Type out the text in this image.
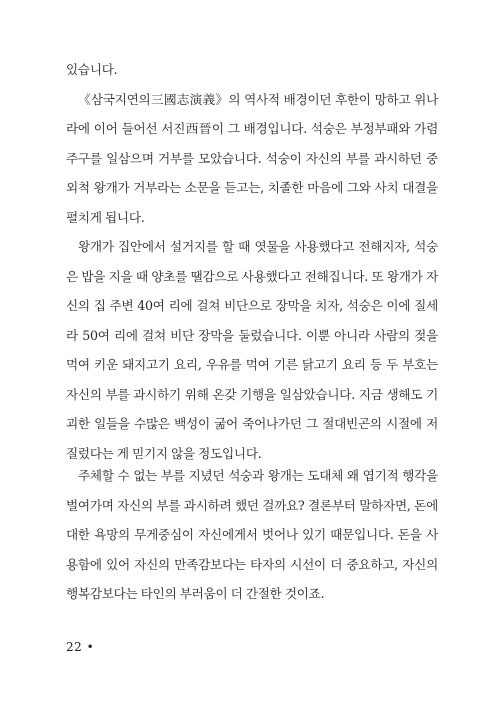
있습니다.

《삼국지연의三國志演義》의 역사적 배경이던 후한이 망하고 위나라에 이어 들어선 서진西晉이 그 배경입니다. 석숭은 부정부패와 가렴주구를 일삼으며 거부를 모았습니다. 석숭이 자신의 부를 과시하던 중 외척 왕개가 거부라는 소문을 듣고는, 치졸한 마음에 그와 사치 대결을 펼치게 됩니다.

왕개가 집안에서 설거지를 할 때 엿물을 사용했다고 전해지자, 석숭은 밥을 지을 때 양초를 땔감으로 사용했다고 전해집니다. 또 왕개가 자신의 집 주변 40여 리에 걸쳐 비단으로 장막을 치자, 석숭은 이에 질세라 50여 리에 걸쳐 비단 장막을 둘렀습니다. 이뿐 아니라 사람의 젖을 먹여 키운 돼지고기 요리, 우유를 먹여 기른 닭고기 요리 등 두 부호는 자신의 부를 과시하기 위해 온갖 기행을 일삼았습니다. 지금 생해도 기괴한 일들을 수많은 백성이 굶어 죽어나가던 그 절대빈곤의 시절에 저질렀다는 게 믿기지 않을 정도입니다.

주체할 수 없는 부를 지녔던 석숭과 왕개는 도대체 왜 엽기적 행각을 벌여가며 자신의 부를 과시하려 했던 걸까요? 결론부터 말하자면, 돈에 대한 욕망의 무게중심이 자신에게서 벗어나 있기 때문입니다. 돈을 사용함에 있어 자신의 만족감보다는 타자의 시선이 더 중요하고, 자신의 행복감보다는 타인의 부러움이 더 간절한 것이죠.

22 •
